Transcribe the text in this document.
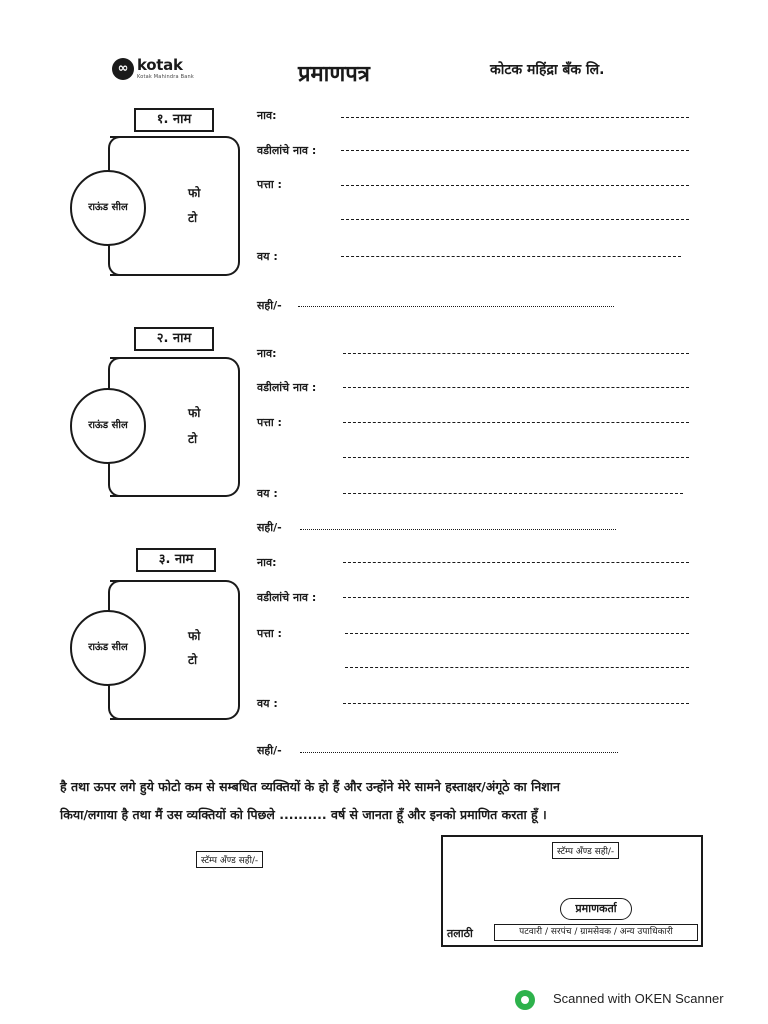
∞ kotak
Kotak Mahindra Bank	प्रमाणपत्र	कोटक महिंद्रा बँक लि.
१. नाम
राऊंड सील
फो
टो
नाव:
वडीलांचे नाव :
पत्ता :
वय :
सही/-
२. नाम
राऊंड सील
फो
टो
नाव:
वडीलांचे नाव :
पत्ता :
वय :
सही/-
३. नाम
राऊंड सील
फो
टो
नाव:
वडीलांचे नाव :
पत्ता :
वय :
सही/-
है तथा ऊपर लगे हुये फोटो कम से सम्बधित व्यक्तियों के हो हैं और उन्होंने मेरे सामने हस्ताक्षर/अंगूठे का निशान
किया/लगाया है तथा मैं उस व्यक्तियों को पिछले .......... वर्ष से जानता हूँ और इनको प्रमाणित करता हूँ ।
स्टॅम्प अँण्ड सही/-
स्टॅम्प अँण्ड सही/-
प्रमाणकर्ता
तलाठी	पटवारी / सरपंच / ग्रामसेवक / अन्य उपाधिकारी
Scanned with OKEN Scanner
